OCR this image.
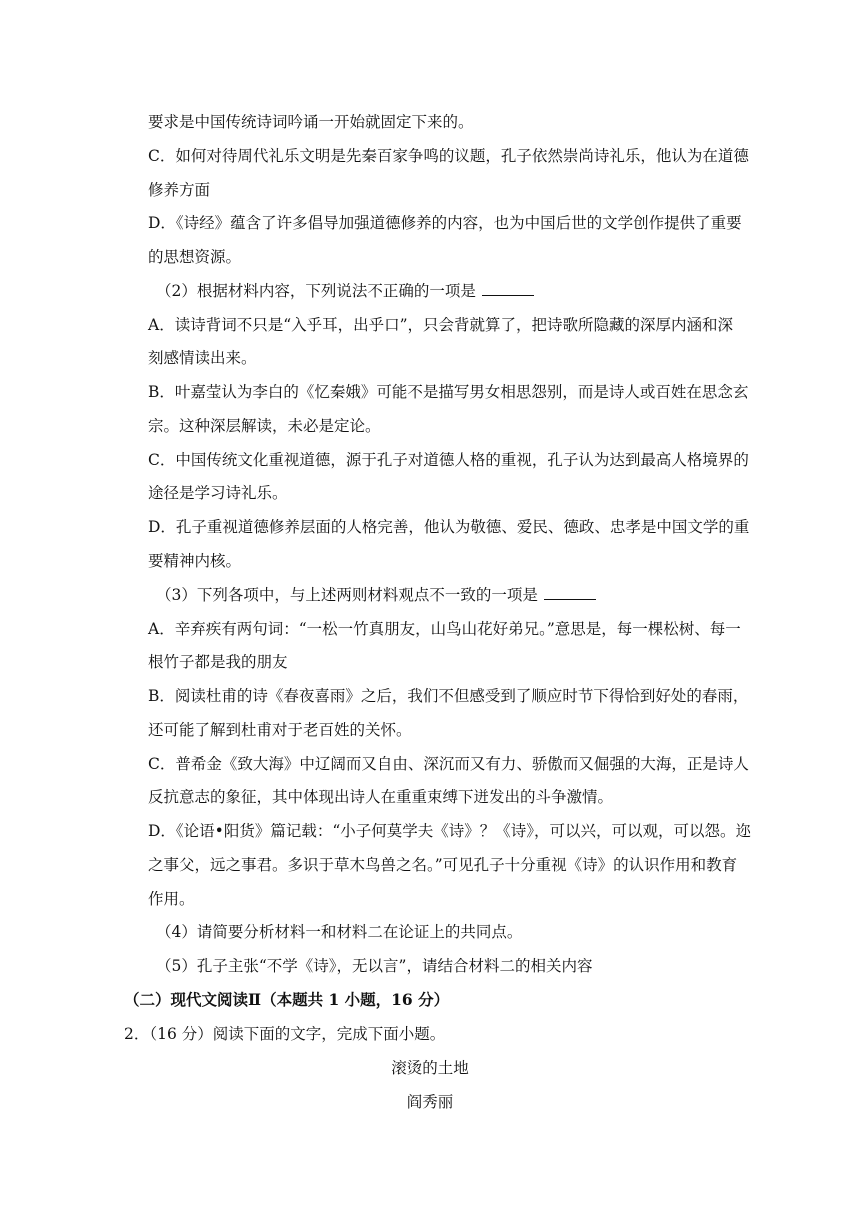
要求是中国传统诗词吟诵一开始就固定下来的。
C．如何对待周代礼乐文明是先秦百家争鸣的议题，孔子依然崇尚诗礼乐，他认为在道德
修养方面
D．《诗经》蕴含了许多倡导加强道德修养的内容，也为中国后世的文学创作提供了重要
的思想资源。
（2）根据材料内容，下列说法不正确的一项是
A．读诗背词不只是“入乎耳，出乎口”，只会背就算了，把诗歌所隐藏的深厚内涵和深
刻感情读出来。
B．叶嘉莹认为李白的《忆秦娥》可能不是描写男女相思怨别，而是诗人或百姓在思念玄
宗。这种深层解读，未必是定论。
C．中国传统文化重视道德，源于孔子对道德人格的重视，孔子认为达到最高人格境界的
途径是学习诗礼乐。
D．孔子重视道德修养层面的人格完善，他认为敬德、爱民、德政、忠孝是中国文学的重
要精神内核。
（3）下列各项中，与上述两则材料观点不一致的一项是
A．辛弃疾有两句词：“一松一竹真朋友，山鸟山花好弟兄。”意思是，每一棵松树、每一
根竹子都是我的朋友
B．阅读杜甫的诗《春夜喜雨》之后，我们不但感受到了顺应时节下得恰到好处的春雨，
还可能了解到杜甫对于老百姓的关怀。
C．普希金《致大海》中辽阔而又自由、深沉而又有力、骄傲而又倔强的大海，正是诗人
反抗意志的象征，其中体现出诗人在重重束缚下迸发出的斗争激情。
D．《论语•阳货》篇记载：“小子何莫学夫《诗》？《诗》，可以兴，可以观，可以怨。迩
之事父，远之事君。多识于草木鸟兽之名。”可见孔子十分重视《诗》的认识作用和教育
作用。
（4）请简要分析材料一和材料二在论证上的共同点。
（5）孔子主张“不学《诗》，无以言”，请结合材料二的相关内容
（二）现代文阅读Ⅱ（本题共 1 小题，16 分）
2．（16 分）阅读下面的文字，完成下面小题。
滚烫的土地
阎秀丽
